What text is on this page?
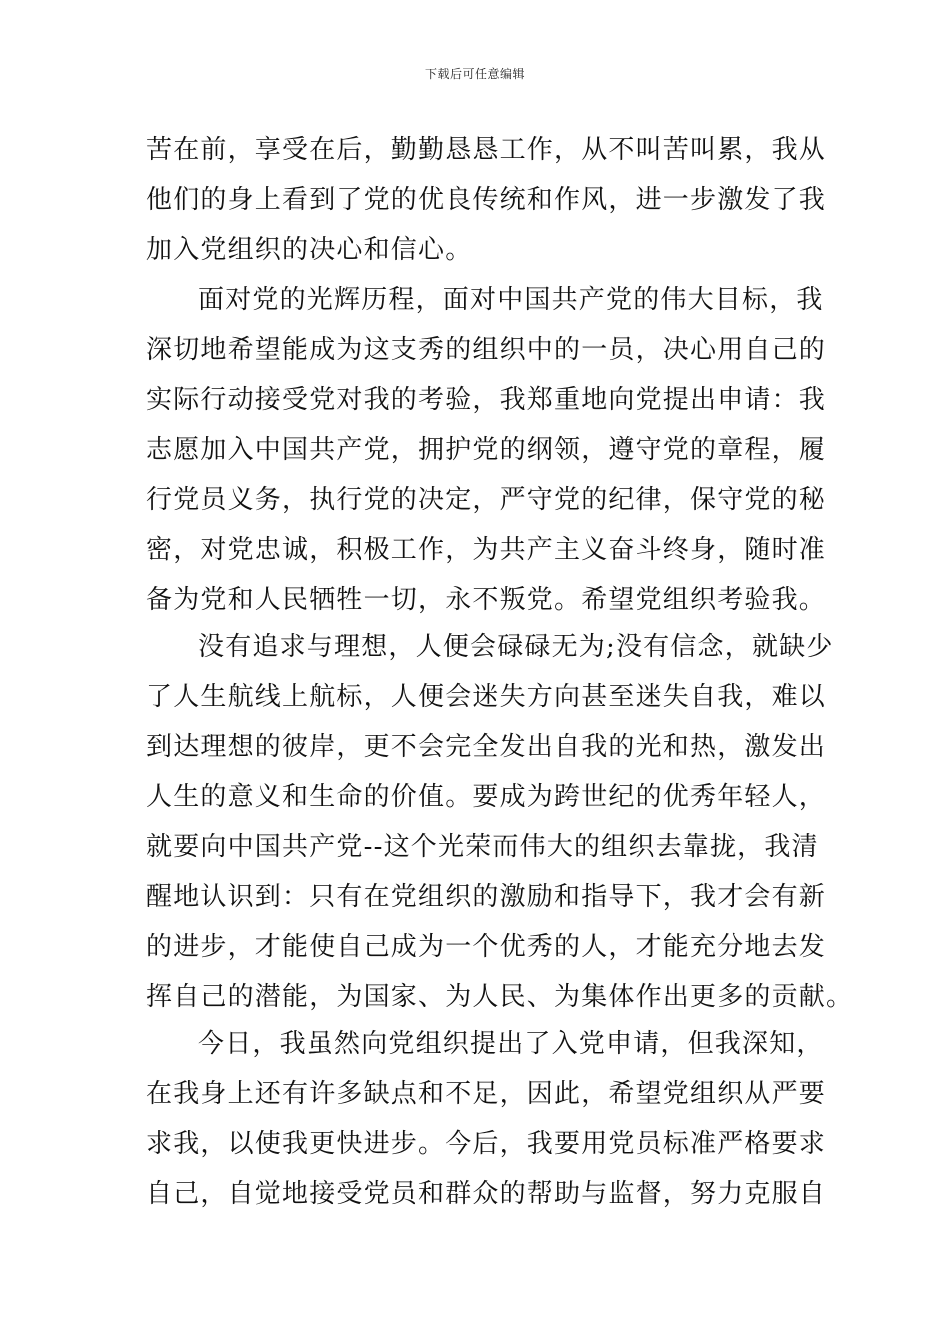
下载后可任意编辑
苦在前，享受在后，勤勤恳恳工作，从不叫苦叫累，我从
他们的身上看到了党的优良传统和作风，进一步激发了我
加入党组织的决心和信心。
面对党的光辉历程，面对中国共产党的伟大目标，我
深切地希望能成为这支秀的组织中的一员，决心用自己的
实际行动接受党对我的考验，我郑重地向党提出申请：我
志愿加入中国共产党，拥护党的纲领，遵守党的章程，履
行党员义务，执行党的决定，严守党的纪律，保守党的秘
密，对党忠诚，积极工作，为共产主义奋斗终身，随时准
备为党和人民牺牲一切，永不叛党。希望党组织考验我。
没有追求与理想，人便会碌碌无为;没有信念，就缺少
了人生航线上航标，人便会迷失方向甚至迷失自我，难以
到达理想的彼岸，更不会完全发出自我的光和热，激发出
人生的意义和生命的价值。要成为跨世纪的优秀年轻人，
就要向中国共产党--这个光荣而伟大的组织去靠拢，我清
醒地认识到：只有在党组织的激励和指导下，我才会有新
的进步，才能使自己成为一个优秀的人，才能充分地去发
挥自己的潜能，为国家、为人民、为集体作出更多的贡献。
今日，我虽然向党组织提出了入党申请，但我深知，
在我身上还有许多缺点和不足，因此，希望党组织从严要
求我，以使我更快进步。今后，我要用党员标准严格要求
自己，自觉地接受党员和群众的帮助与监督，努力克服自
